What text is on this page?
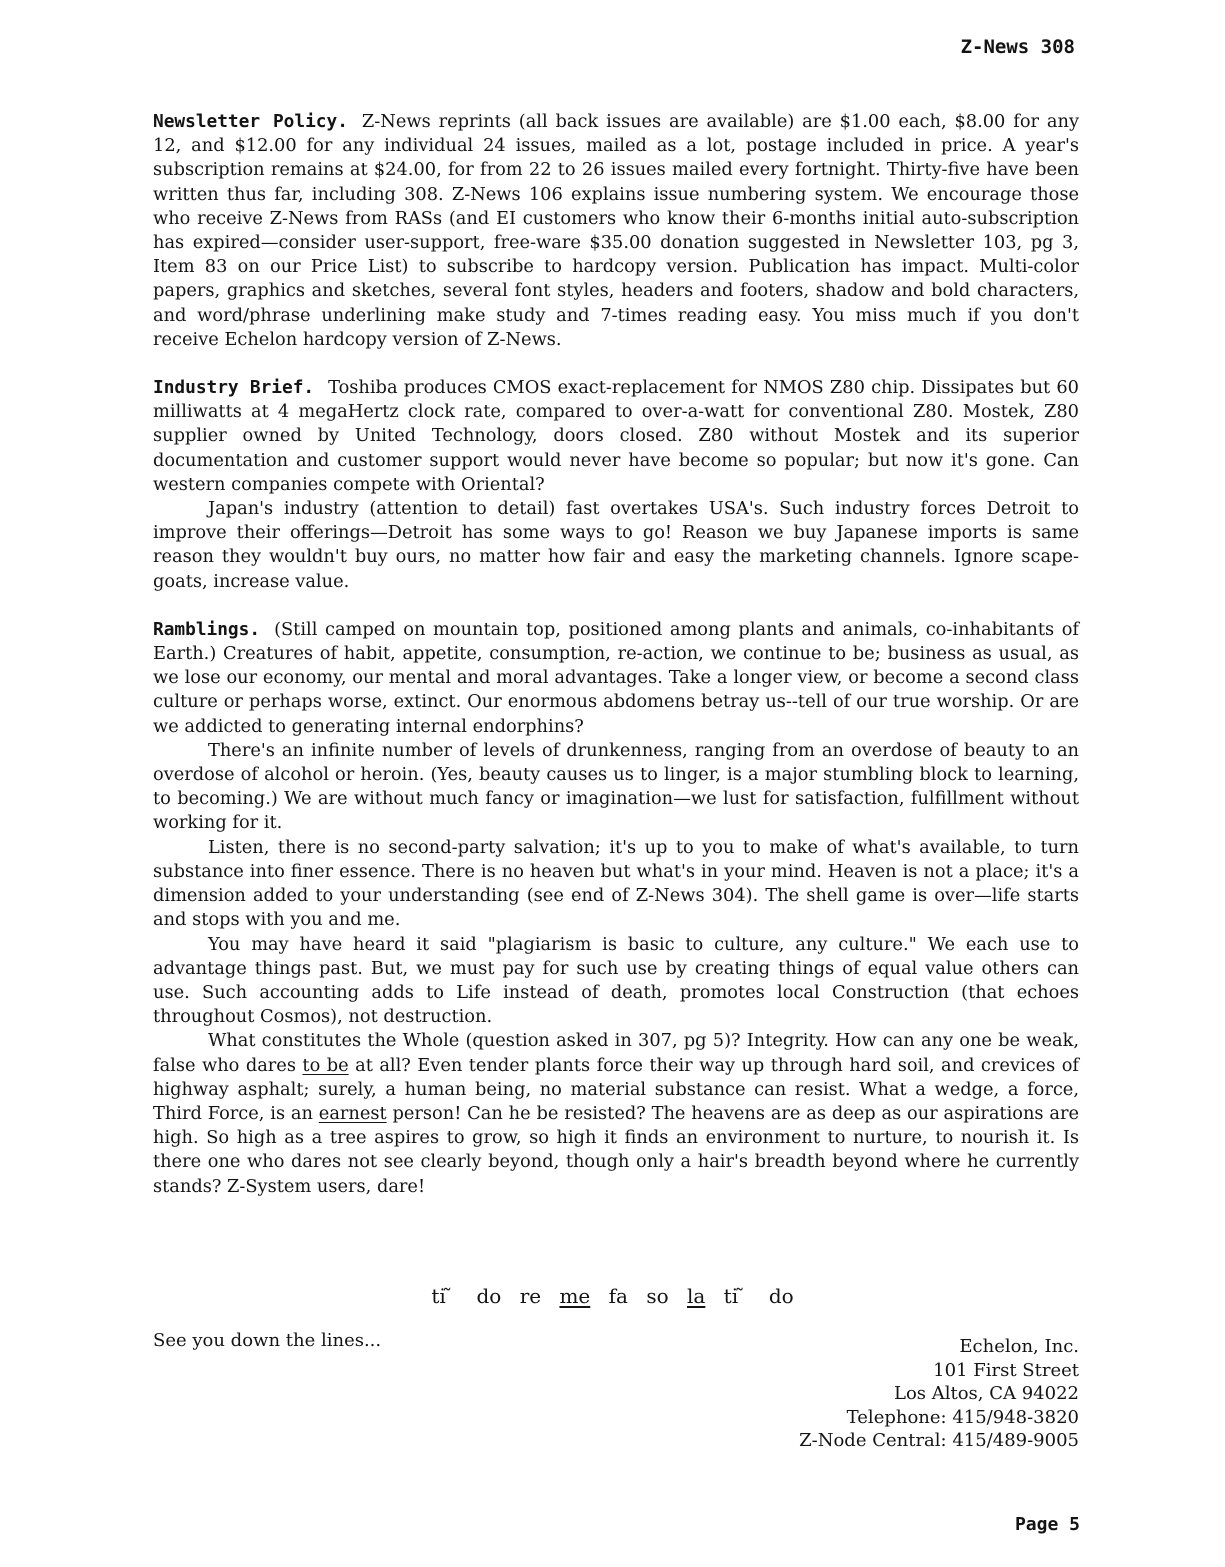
Z-News 308

Newsletter Policy. Z-News reprints (all back issues are available) are $1.00 each, $8.00 for any 12, and $12.00 for any individual 24 issues, mailed as a lot, postage included in price. A year's subscription remains at $24.00, for from 22 to 26 issues mailed every fortnight. Thirty-five have been written thus far, including 308. Z-News 106 explains issue numbering system. We encourage those who receive Z-News from RASs (and EI customers who know their 6-months initial auto-subscription has expired—consider user-support, free-ware $35.00 donation suggested in Newsletter 103, pg 3, Item 83 on our Price List) to subscribe to hardcopy version. Publication has impact. Multi-color papers, graphics and sketches, several font styles, headers and footers, shadow and bold characters, and word/phrase underlining make study and 7-times reading easy. You miss much if you don't receive Echelon hardcopy version of Z-News.

Industry Brief. Toshiba produces CMOS exact-replacement for NMOS Z80 chip. Dissipates but 60 milliwatts at 4 megaHertz clock rate, compared to over-a-watt for conventional Z80. Mostek, Z80 supplier owned by United Technology, doors closed. Z80 without Mostek and its superior documentation and customer support would never have become so popular; but now it's gone. Can western companies compete with Oriental?

Japan's industry (attention to detail) fast overtakes USA's. Such industry forces Detroit to improve their offerings—Detroit has some ways to go! Reason we buy Japanese imports is same reason they wouldn't buy ours, no matter how fair and easy the marketing channels. Ignore scape-goats, increase value.

Ramblings. (Still camped on mountain top, positioned among plants and animals, co-inhabitants of Earth.) Creatures of habit, appetite, consumption, re-action, we continue to be; business as usual, as we lose our economy, our mental and moral advantages. Take a longer view, or become a second class culture or perhaps worse, extinct. Our enormous abdomens betray us--tell of our true worship. Or are we addicted to generating internal endorphins?

There's an infinite number of levels of drunkenness, ranging from an overdose of beauty to an overdose of alcohol or heroin. (Yes, beauty causes us to linger, is a major stumbling block to learning, to becoming.) We are without much fancy or imagination—we lust for satisfaction, fulfillment without working for it.

Listen, there is no second-party salvation; it's up to you to make of what's available, to turn substance into finer essence. There is no heaven but what's in your mind. Heaven is not a place; it's a dimension added to your understanding (see end of Z-News 304). The shell game is over—life starts and stops with you and me.

You may have heard it said "plagiarism is basic to culture, any culture." We each use to advantage things past. But, we must pay for such use by creating things of equal value others can use. Such accounting adds to Life instead of death, promotes local Construction (that echoes throughout Cosmos), not destruction.

What constitutes the Whole (question asked in 307, pg 5)? Integrity. How can any one be weak, false who dares to be at all? Even tender plants force their way up through hard soil, and crevices of highway asphalt; surely, a human being, no material substance can resist. What a wedge, a force, Third Force, is an earnest person! Can he be resisted? The heavens are as deep as our aspirations are high. So high as a tree aspires to grow, so high it finds an environment to nurture, to nourish it. Is there one who dares not see clearly beyond, though only a hair's breadth beyond where he currently stands? Z-System users, dare!

ti ̃ do re me fa so la ti ̃ do
See you down the lines...	Echelon, Inc.
101 First Street
Los Altos, CA 94022
Telephone: 415/948-3820
Z-Node Central: 415/489-9005
Page 5
